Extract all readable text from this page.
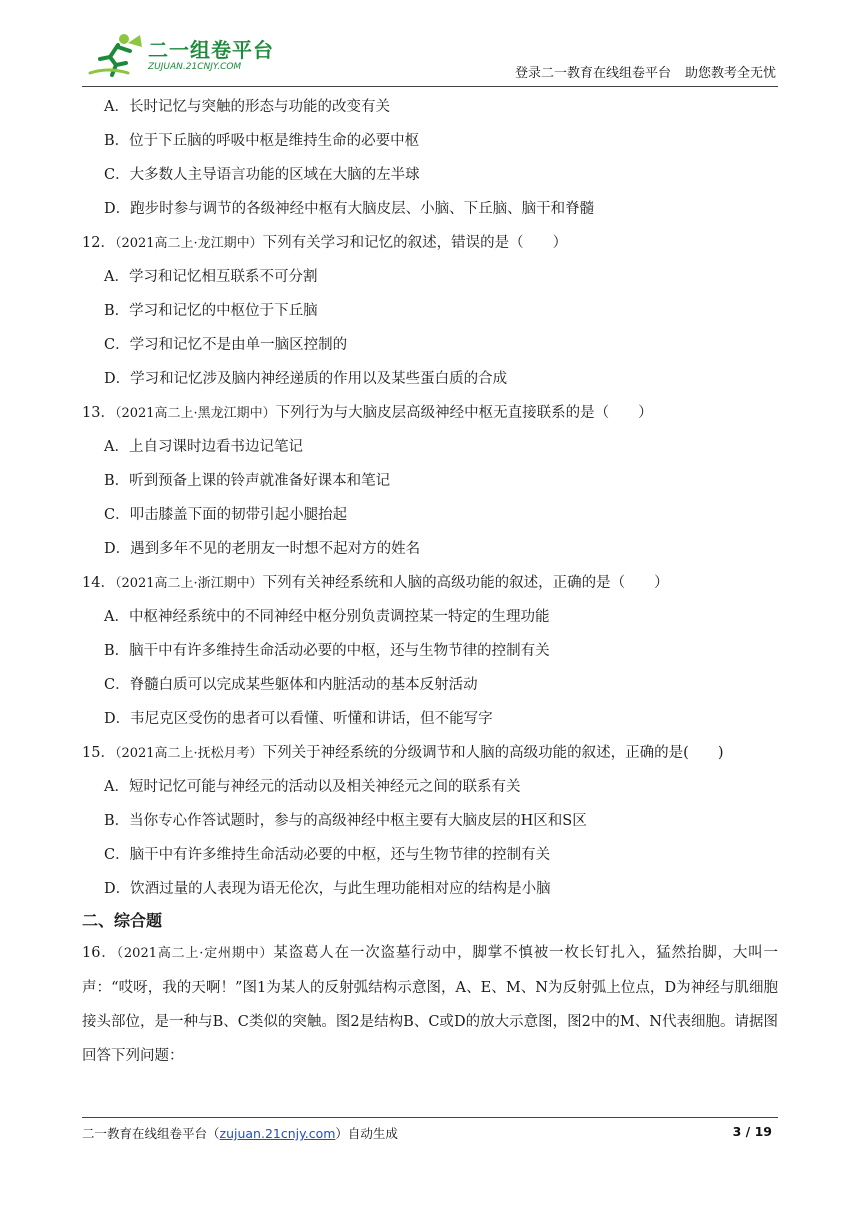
二一组卷平台
ZUJUAN.21CNJY.COM	登录二一教育在线组卷平台 助您教考全无忧
A．长时记忆与突触的形态与功能的改变有关
B．位于下丘脑的呼吸中枢是维持生命的必要中枢
C．大多数人主导语言功能的区域在大脑的左半球
D．跑步时参与调节的各级神经中枢有大脑皮层、小脑、下丘脑、脑干和脊髓
12．（2021高二上·龙江期中）下列有关学习和记忆的叙述，错误的是（　　）
A．学习和记忆相互联系不可分割
B．学习和记忆的中枢位于下丘脑
C．学习和记忆不是由单一脑区控制的
D．学习和记忆涉及脑内神经递质的作用以及某些蛋白质的合成
13．（2021高二上·黑龙江期中）下列行为与大脑皮层高级神经中枢无直接联系的是（　　）
A．上自习课时边看书边记笔记
B．听到预备上课的铃声就准备好课本和笔记
C．叩击膝盖下面的韧带引起小腿抬起
D．遇到多年不见的老朋友一时想不起对方的姓名
14．（2021高二上·浙江期中）下列有关神经系统和人脑的高级功能的叙述，正确的是（　　）
A．中枢神经系统中的不同神经中枢分别负责调控某一特定的生理功能
B．脑干中有许多维持生命活动必要的中枢，还与生物节律的控制有关
C．脊髓白质可以完成某些躯体和内脏活动的基本反射活动
D．韦尼克区受伤的患者可以看懂、听懂和讲话，但不能写字
15．（2021高二上·抚松月考）下列关于神经系统的分级调节和人脑的高级功能的叙述，正确的是(　　)
A．短时记忆可能与神经元的活动以及相关神经元之间的联系有关
B．当你专心作答试题时，参与的高级神经中枢主要有大脑皮层的H区和S区
C．脑干中有许多维持生命活动必要的中枢，还与生物节律的控制有关
D．饮酒过量的人表现为语无伦次，与此生理功能相对应的结构是小脑
二、综合题
16．（2021高二上·定州期中）某盗葛人在一次盗墓行动中，脚掌不慎被一枚长钉扎入，猛然抬脚，大叫一声：“哎呀，我的天啊！”图1为某人的反射弧结构示意图，A、E、M、N为反射弧上位点，D为神经与肌细胞接头部位，是一种与B、C类似的突触。图2是结构B、C或D的放大示意图，图2中的M、N代表细胞。请据图回答下列问题：
二一教育在线组卷平台（zujuan.21cnjy.com）自动生成	3 / 19
